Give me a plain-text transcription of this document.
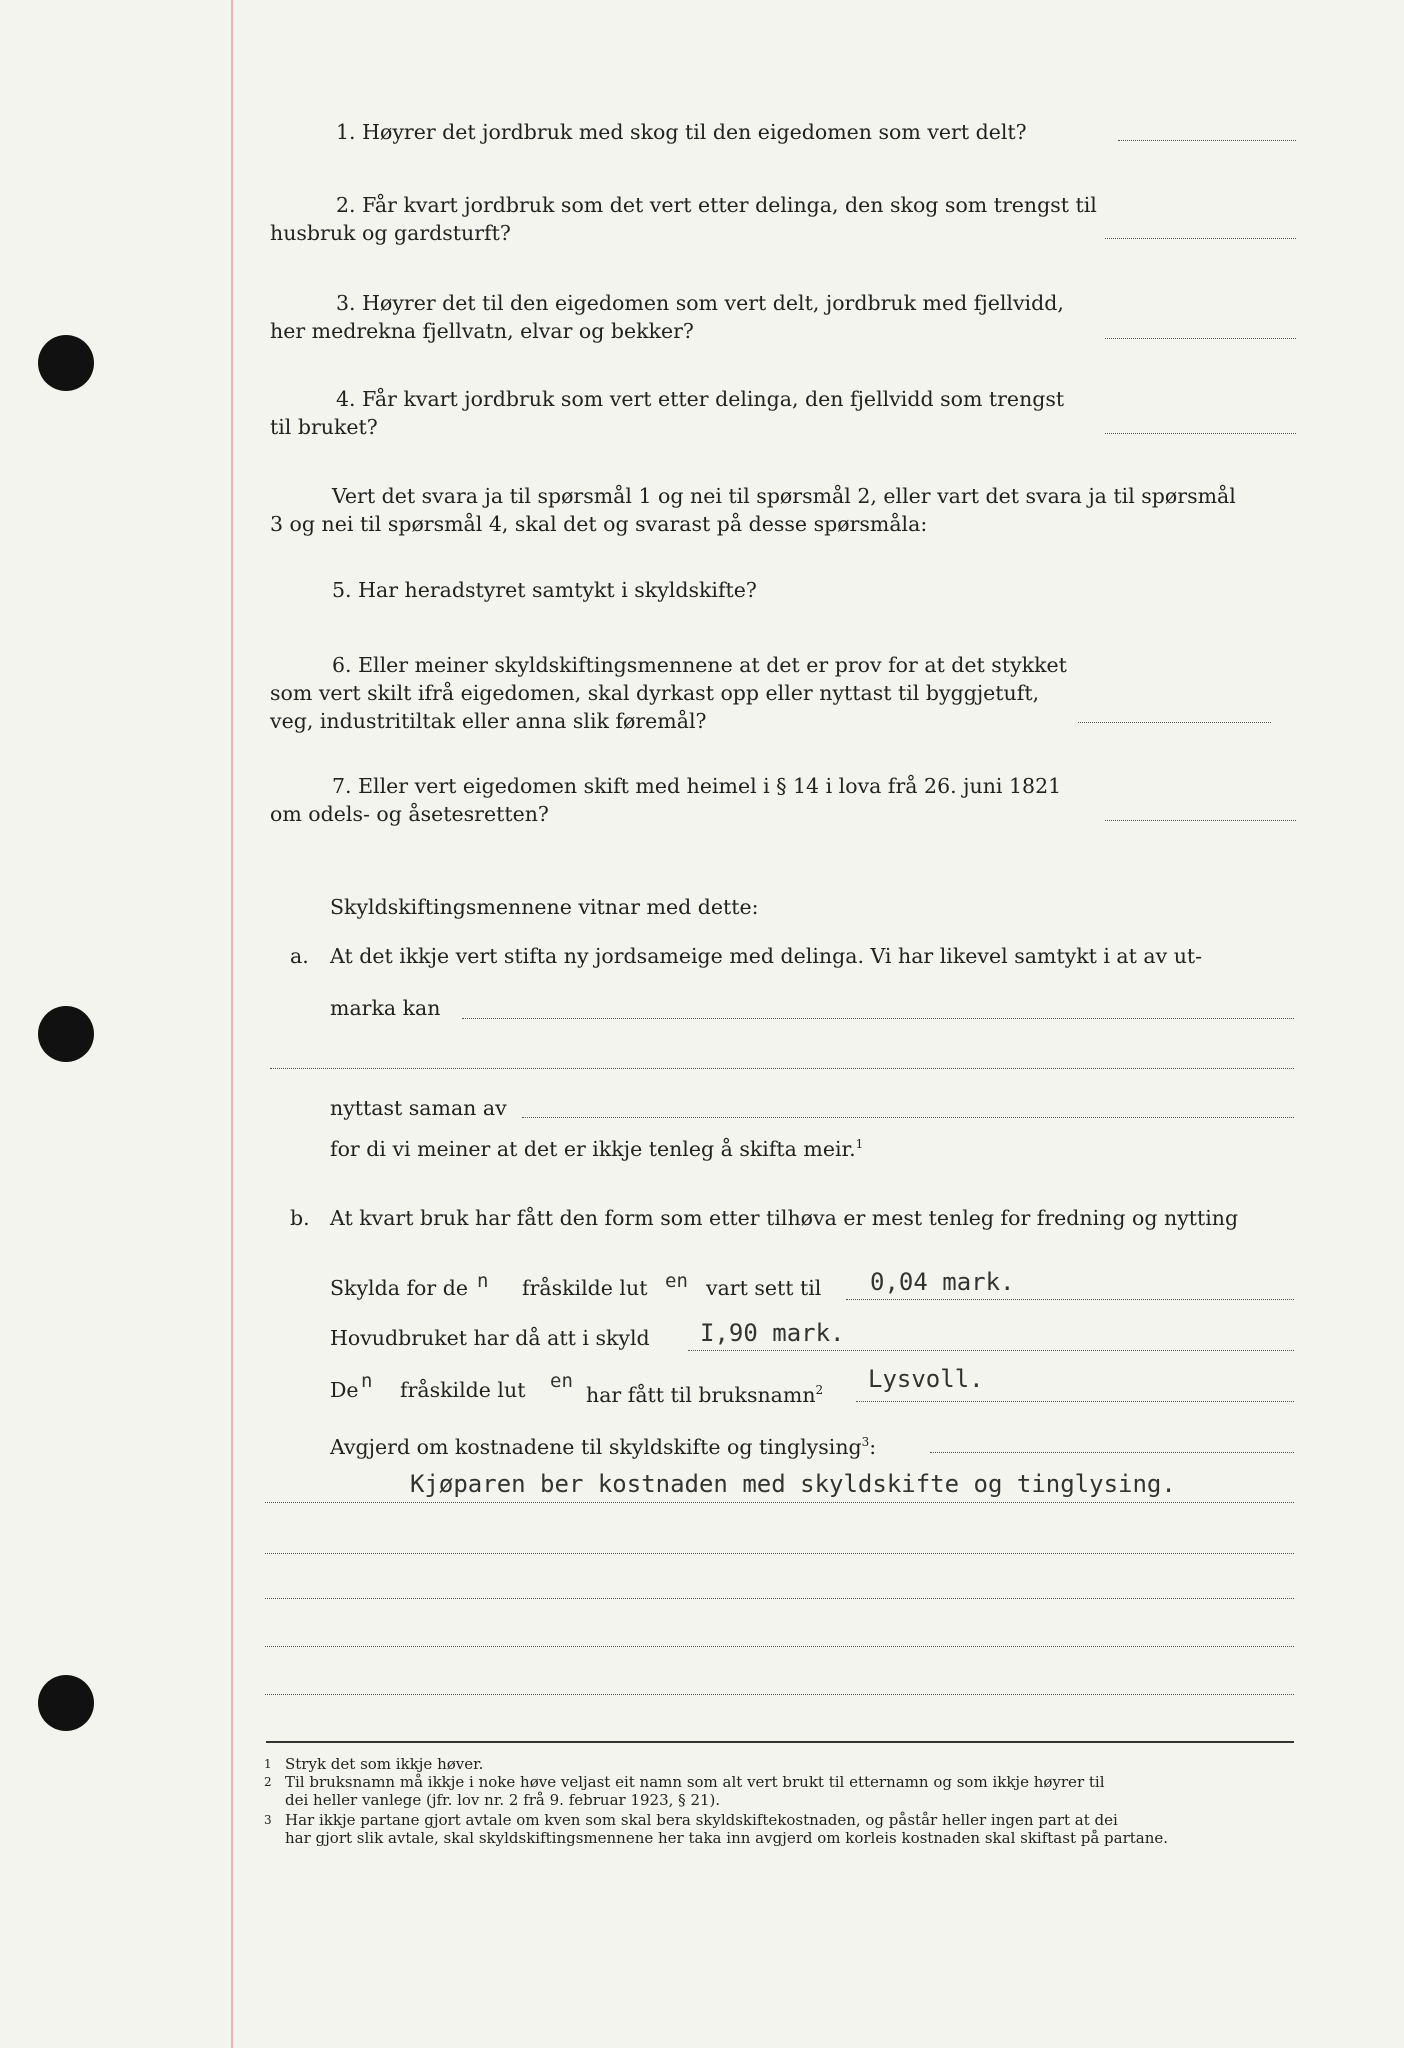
1. Høyrer det jordbruk med skog til den eigedomen som vert delt?
2. Får kvart jordbruk som det vert etter delinga, den skog som trengst til
husbruk og gardsturft?
3. Høyrer det til den eigedomen som vert delt, jordbruk med fjellvidd,
her medrekna fjellvatn, elvar og bekker?
4. Får kvart jordbruk som vert etter delinga, den fjellvidd som trengst
til bruket?
Vert det svara ja til spørsmål 1 og nei til spørsmål 2, eller vart det svara ja til spørsmål
3 og nei til spørsmål 4, skal det og svarast på desse spørsmåla:
5. Har heradstyret samtykt i skyldskifte?
6. Eller meiner skyldskiftingsmennene at det er prov for at det stykket
som vert skilt ifrå eigedomen, skal dyrkast opp eller nyttast til byggjetuft,
veg, industritiltak eller anna slik føremål?
7. Eller vert eigedomen skift med heimel i § 14 i lova frå 26. juni 1821
om odels- og åsetesretten?
Skyldskiftingsmennene vitnar med dette:
a. At det ikkje vert stifta ny jordsameige med delinga. Vi har likevel samtykt i at av ut-
marka kan
nyttast saman av
for di vi meiner at det er ikkje tenleg å skifta meir.$^1$
b. At kvart bruk har fått den form som etter tilhøva er mest tenleg for fredning og nytting
Skylda for de n fråskilde lut en vart sett til 0,04 mark.
Hovudbruket har då att i skyld I,90 mark.
De n fråskilde lut en
har fått til bruksnamn$^2$ Lysvoll.
Avgjerd om kostnadene til skyldskifte og tinglysing$^3$:
Kjøparen ber kostnaden med skyldskifte og tinglysing.
1 Stryk det som ikkje høver.
2 Til bruksnamn må ikkje i noke høve veljast eit namn som alt vert brukt til etternamn og som ikkje høyrer til
dei heller vanlege (jfr. lov nr. 2 frå 9. februar 1923, § 21).
3 Har ikkje partane gjort avtale om kven som skal bera skyldskiftekostnaden, og påstår heller ingen part at dei
har gjort slik avtale, skal skyldskiftingsmennene her taka inn avgjerd om korleis kostnaden skal skiftast på partane.
